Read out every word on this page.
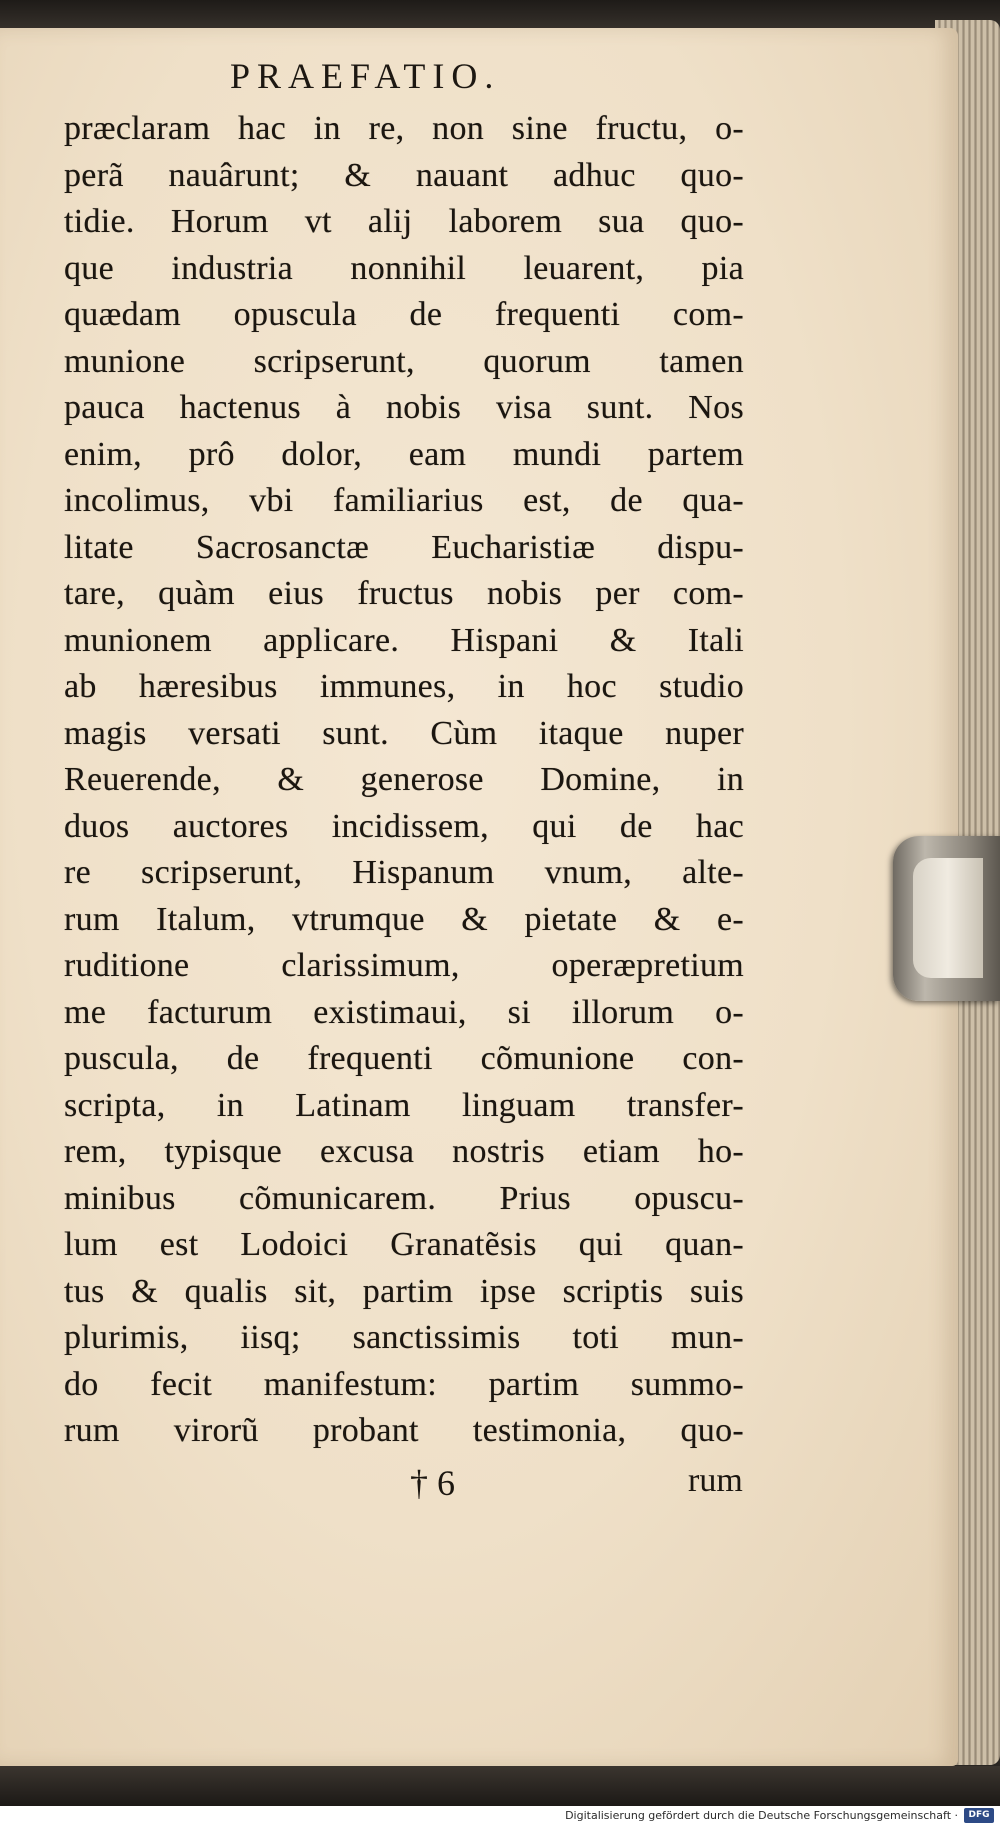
PRAEFATIO.
præclaram hac in re, non sine fructu, o-
perã nauârunt; & nauant adhuc quo-
tidie. Horum vt alij laborem sua quo-
que industria nonnihil leuarent, pia
quædam opuscula de frequenti com-
munione scripserunt, quorum tamen
pauca hactenus à nobis visa sunt. Nos
enim, prô dolor, eam mundi partem
incolimus, vbi familiarius est, de qua-
litate Sacrosanctæ Eucharistiæ dispu-
tare, quàm eius fructus nobis per com-
munionem applicare. Hispani & Itali
ab hæresibus immunes, in hoc studio
magis versati sunt. Cùm itaque nuper
Reuerende, & generose Domine, in
duos auctores incidissem, qui de hac
re scripserunt, Hispanum vnum, alte-
rum Italum, vtrumque & pietate & e-
ruditione clarissimum, operæpretium
me facturum existimaui, si illorum o-
puscula, de frequenti cõmunione con-
scripta, in Latinam linguam transfer-
rem, typisque excusa nostris etiam ho-
minibus cõmunicarem. Prius opuscu-
lum est Lodoici Granatẽsis qui quan-
tus & qualis sit, partim ipse scriptis suis
plurimis, iisq; sanctissimis toti mun-
do fecit manifestum: partim summo-
rum virorũ probant testimonia, quo-
† 6	rum
Digitalisierung gefördert durch die Deutsche Forschungsgemeinschaft ·	DFG
